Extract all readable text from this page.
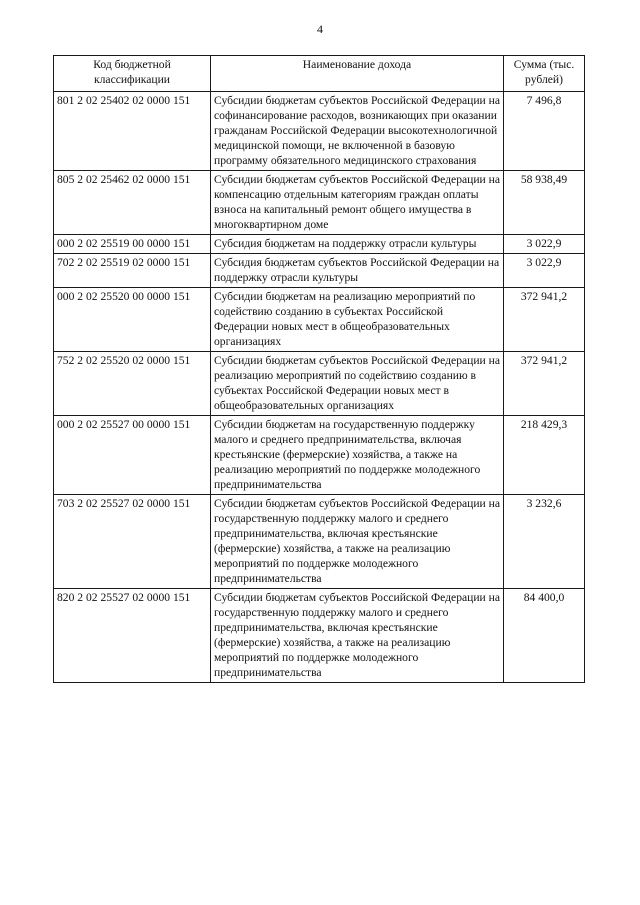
4
Код бюджетной классификации	Наименование дохода	Сумма (тыс. рублей)
801 2 02 25402 02 0000 151	Субсидии бюджетам субъектов Российской Федерации на софинансирование расходов, возникающих при оказании гражданам Российской Федерации высокотехнологичной медицинской помощи, не включенной в базовую программу обязательного медицинского страхования	7 496,8
805 2 02 25462 02 0000 151	Субсидии бюджетам субъектов Российской Федерации на компенсацию отдельным категориям граждан оплаты взноса на капитальный ремонт общего имущества в многоквартирном доме	58 938,49
000 2 02 25519 00 0000 151	Субсидия бюджетам на поддержку отрасли культуры	3 022,9
702 2 02 25519 02 0000 151	Субсидия бюджетам субъектов Российской Федерации на поддержку отрасли культуры	3 022,9
000 2 02 25520 00 0000 151	Субсидии бюджетам на реализацию мероприятий по содействию созданию в субъектах Российской Федерации новых мест в общеобразовательных организациях	372 941,2
752 2 02 25520 02 0000 151	Субсидии бюджетам субъектов Российской Федерации на реализацию мероприятий по содействию созданию в субъектах Российской Федерации новых мест в общеобразовательных организациях	372 941,2
000 2 02 25527 00 0000 151	Субсидии бюджетам на государственную поддержку малого и среднего предпринимательства, включая крестьянские (фермерские) хозяйства, а также на реализацию мероприятий по поддержке молодежного предпринимательства	218 429,3
703 2 02 25527 02 0000 151	Субсидии бюджетам субъектов Российской Федерации на государственную поддержку малого и среднего предпринимательства, включая крестьянские (фермерские) хозяйства, а также на реализацию мероприятий по поддержке молодежного предпринимательства	3 232,6
820 2 02 25527 02 0000 151	Субсидии бюджетам субъектов Российской Федерации на государственную поддержку малого и среднего предпринимательства, включая крестьянские (фермерские) хозяйства, а также на реализацию мероприятий по поддержке молодежного предпринимательства	84 400,0
